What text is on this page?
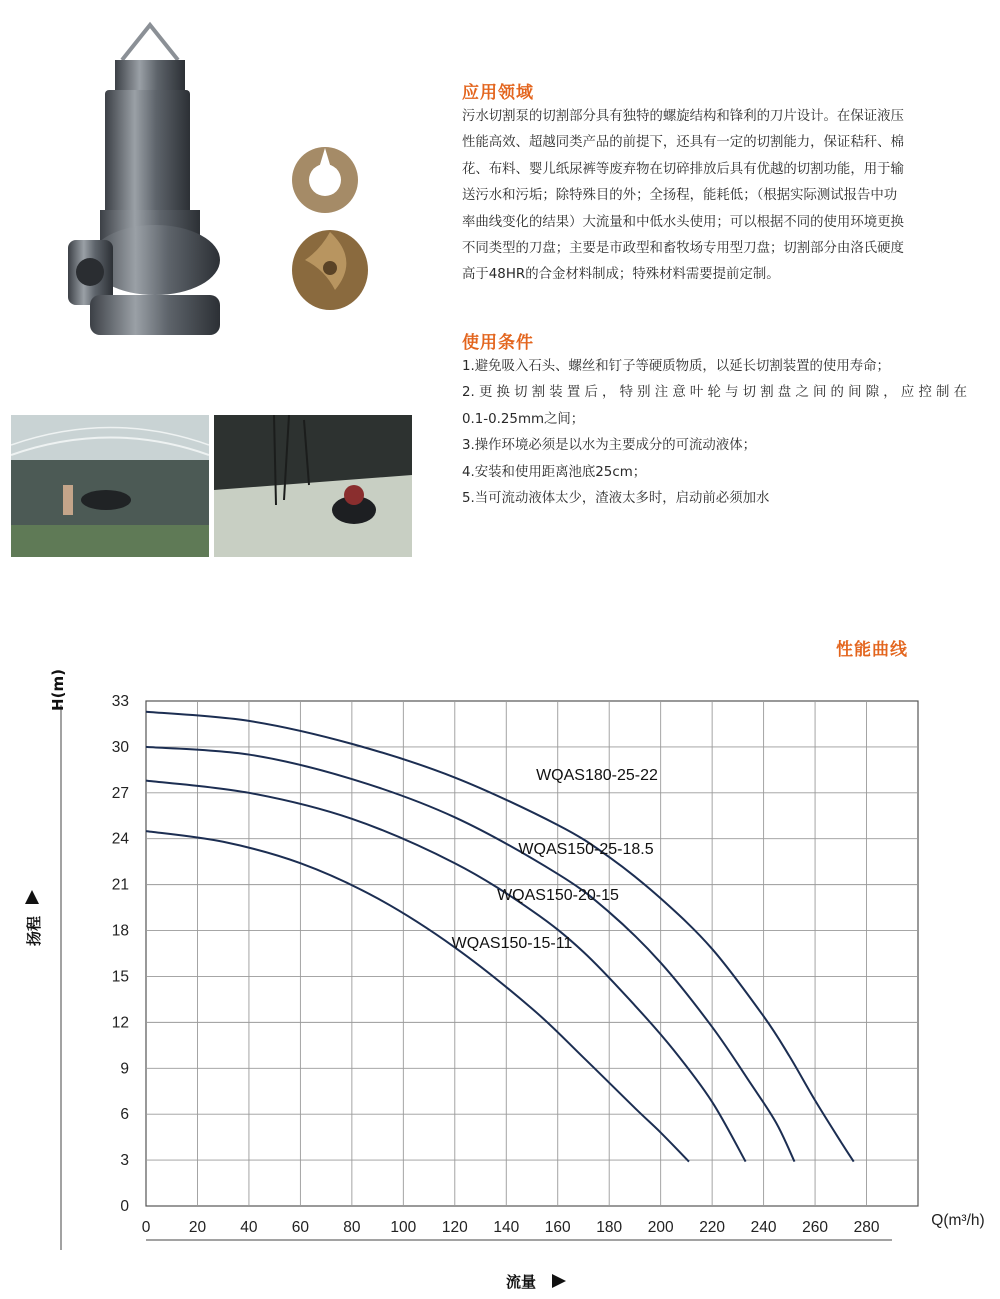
应用领域
污水切割泵的切割部分具有独特的螺旋结构和锋利的刀片设计。在保证液压
性能高效、超越同类产品的前提下，还具有一定的切割能力，保证秸秆、棉
花、布料、婴儿纸尿裤等废弃物在切碎排放后具有优越的切割功能，用于输
送污水和污垢；除特殊目的外；全扬程，能耗低；（根据实际测试报告中功
率曲线变化的结果）大流量和中低水头使用；可以根据不同的使用环境更换
不同类型的刀盘；主要是市政型和畜牧场专用型刀盘；切割部分由洛氏硬度
高于48HR的合金材料制成；特殊材料需要提前定制。
使用条件
1.避免吸入石头、螺丝和钉子等硬质物质，以延长切割装置的使用寿命；
2.更换切割装置后，特别注意叶轮与切割盘之间的间隙，应控制在
0.1-0.25mm之间；
3.操作环境必须是以水为主要成分的可流动液体；
4.安装和使用距离池底25cm；
5.当可流动液体太少，渣液太多时，启动前必须加水
性能曲线
0 20 40 60 80 100 120 140 160 180 200 220 240 260 280
0
3
6
9
12
15
18
21
24
27
30
33
Q(m³/h)
H(m)
流量
扬程
WQAS180-25-22
WQAS150-25-18.5
WQAS150-20-15
WQAS150-15-11
